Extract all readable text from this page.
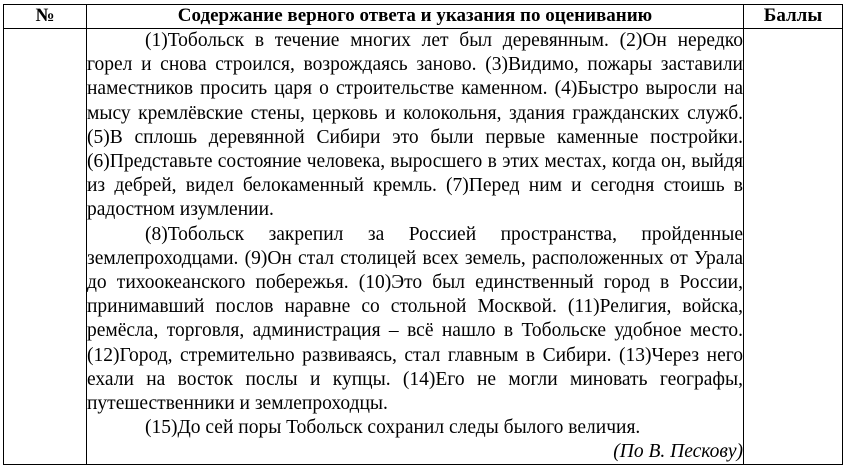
№	Содержание верного ответа и указания по оцениванию	Баллы

	(1)Тобольск в течение многих лет был деревянным. (2)Он нередко горел и снова строился, возрождаясь заново. (3)Видимо, пожары заставили наместников просить царя о строительстве каменном. (4)Быстро выросли на мысу кремлёвские стены, церковь и колокольня, здания гражданских служб. (5)В сплошь деревянной Сибири это были первые каменные постройки. (6)Представьте состояние человека, выросшего в этих местах, когда он, выйдя из дебрей, видел белокаменный кремль. (7)Перед ним и сегодня стоишь в радостном изумлении.

(8)Тобольск закрепил за Россией пространства, пройденные землепроходцами. (9)Он стал столицей всех земель, расположенных от Урала до тихоокеанского побережья. (10)Это был единственный город в России, принимавший послов наравне со стольной Москвой. (11)Религия, войска, ремёсла, торговля, администрация – всё нашло в Тобольске удобное место. (12)Город, стремительно развиваясь, стал главным в Сибири. (13)Через него ехали на восток послы и купцы. (14)Его не могли миновать географы, путешественники и землепроходцы.

(15)До сей поры Тобольск сохранил следы былого величия.

(По В. Пескову)	
